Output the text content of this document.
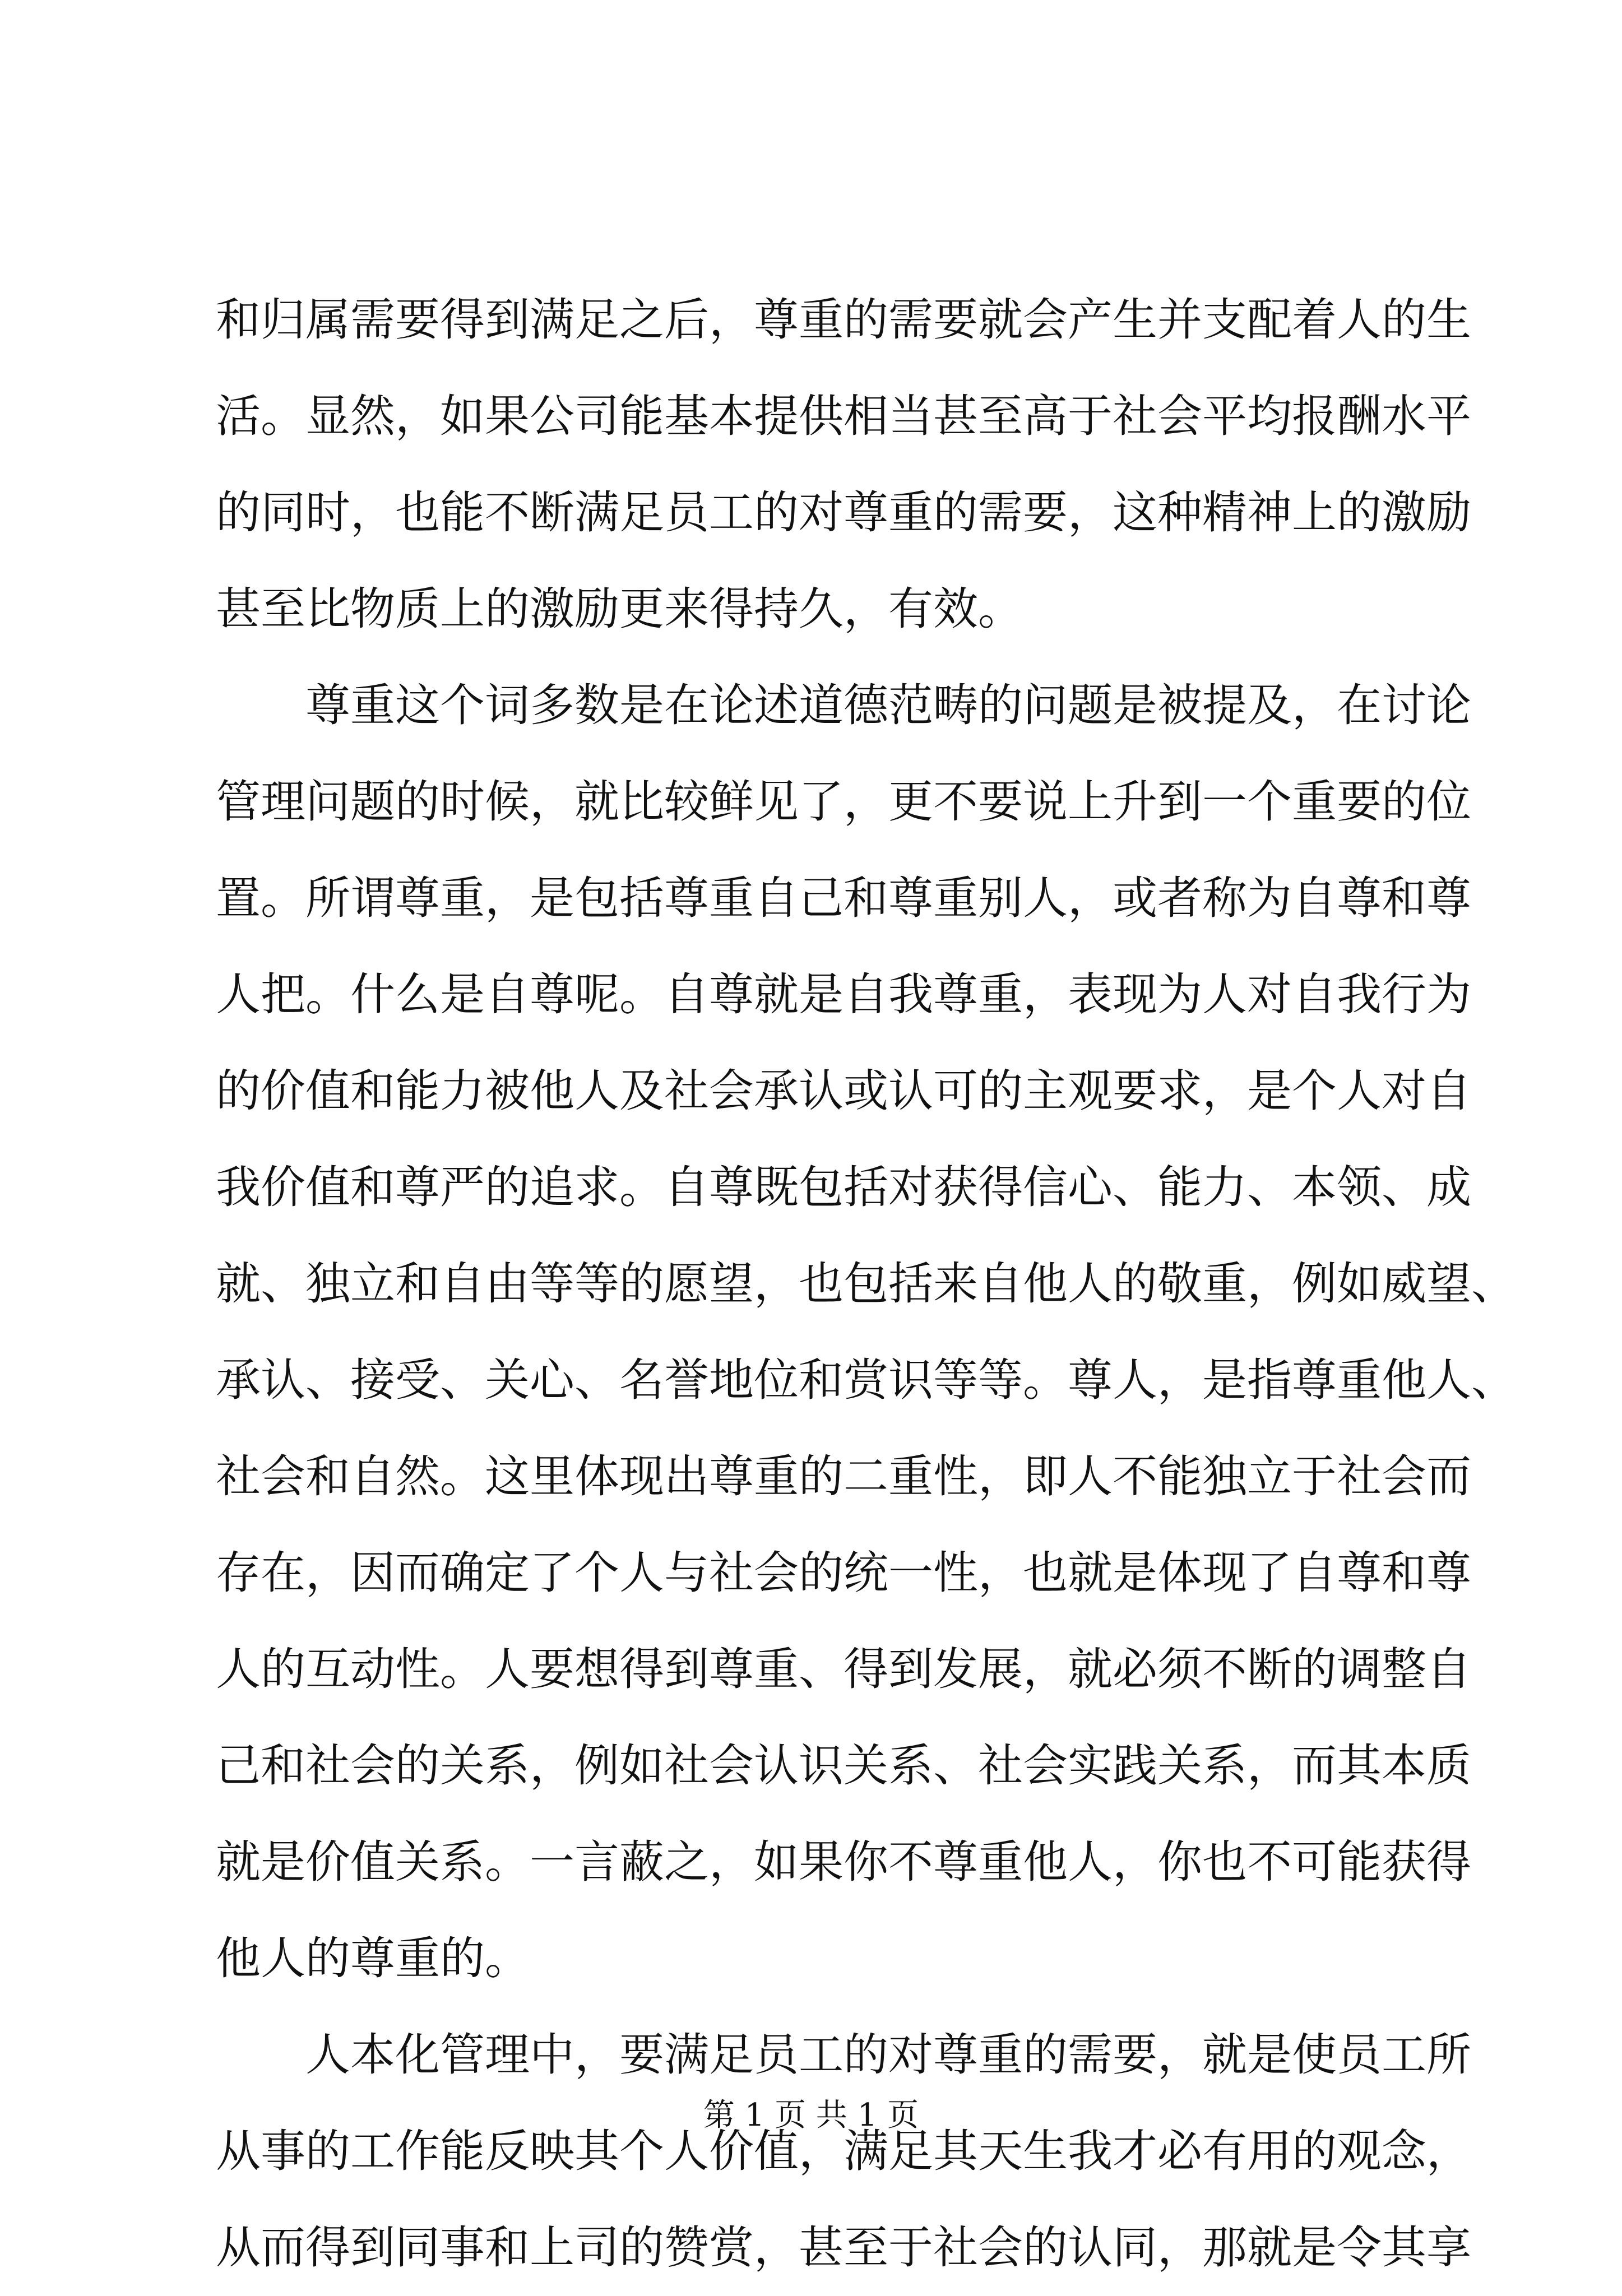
和归属需要得到满足之后，尊重的需要就会产生并支配着人的生
活。显然，如果公司能基本提供相当甚至高于社会平均报酬水平
的同时，也能不断满足员工的对尊重的需要，这种精神上的激励
甚至比物质上的激励更来得持久，有效。
尊重这个词多数是在论述道德范畴的问题是被提及，在讨论
管理问题的时候，就比较鲜见了，更不要说上升到一个重要的位
置。所谓尊重，是包括尊重自己和尊重别人，或者称为自尊和尊
人把。什么是自尊呢。自尊就是自我尊重，表现为人对自我行为
的价值和能力被他人及社会承认或认可的主观要求，是个人对自
我价值和尊严的追求。自尊既包括对获得信心、能力、本领、成
就、独立和自由等等的愿望，也包括来自他人的敬重，例如威望、
承认、接受、关心、名誉地位和赏识等等。尊人，是指尊重他人、
社会和自然。这里体现出尊重的二重性，即人不能独立于社会而
存在，因而确定了个人与社会的统一性，也就是体现了自尊和尊
人的互动性。人要想得到尊重、得到发展，就必须不断的调整自
己和社会的关系，例如社会认识关系、社会实践关系，而其本质
就是价值关系。一言蔽之，如果你不尊重他人，你也不可能获得
他人的尊重的。
人本化管理中，要满足员工的对尊重的需要，就是使员工所
从事的工作能反映其个人价值，满足其天生我才必有用的观念，
从而得到同事和上司的赞赏，甚至于社会的认同，那就是令其享
第 1 页 共 1 页
